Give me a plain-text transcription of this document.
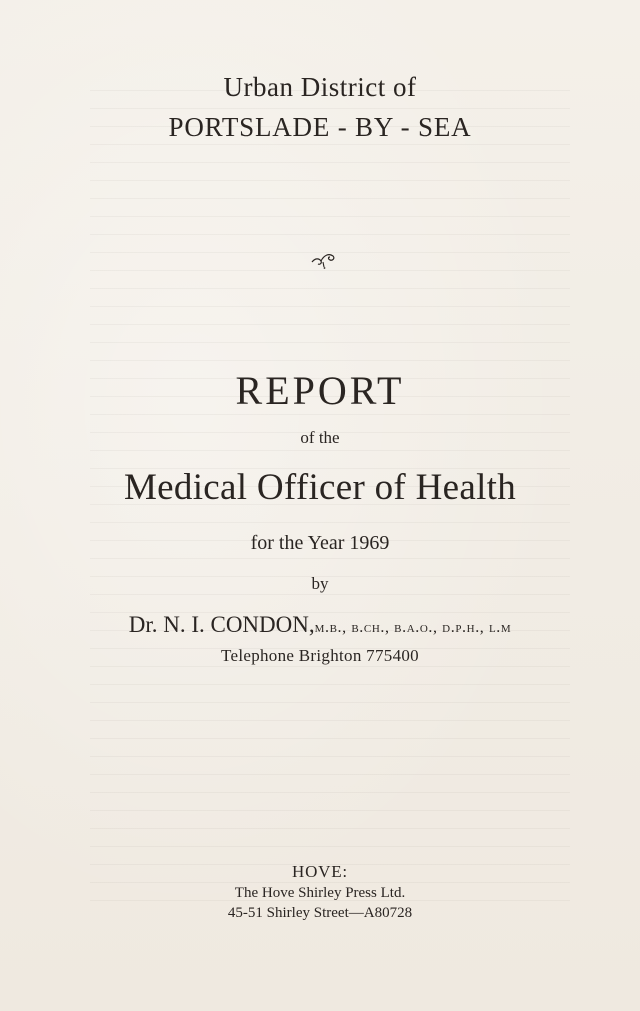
Urban District of
PORTSLADE - BY - SEA
REPORT
of the
Medical Officer of Health
for the Year 1969
by
Dr. N. I. CONDON,m.b., b.ch., b.a.o., d.p.h., l.m
Telephone Brighton 775400
HOVE:
The Hove Shirley Press Ltd.
45-51 Shirley Street—A80728
